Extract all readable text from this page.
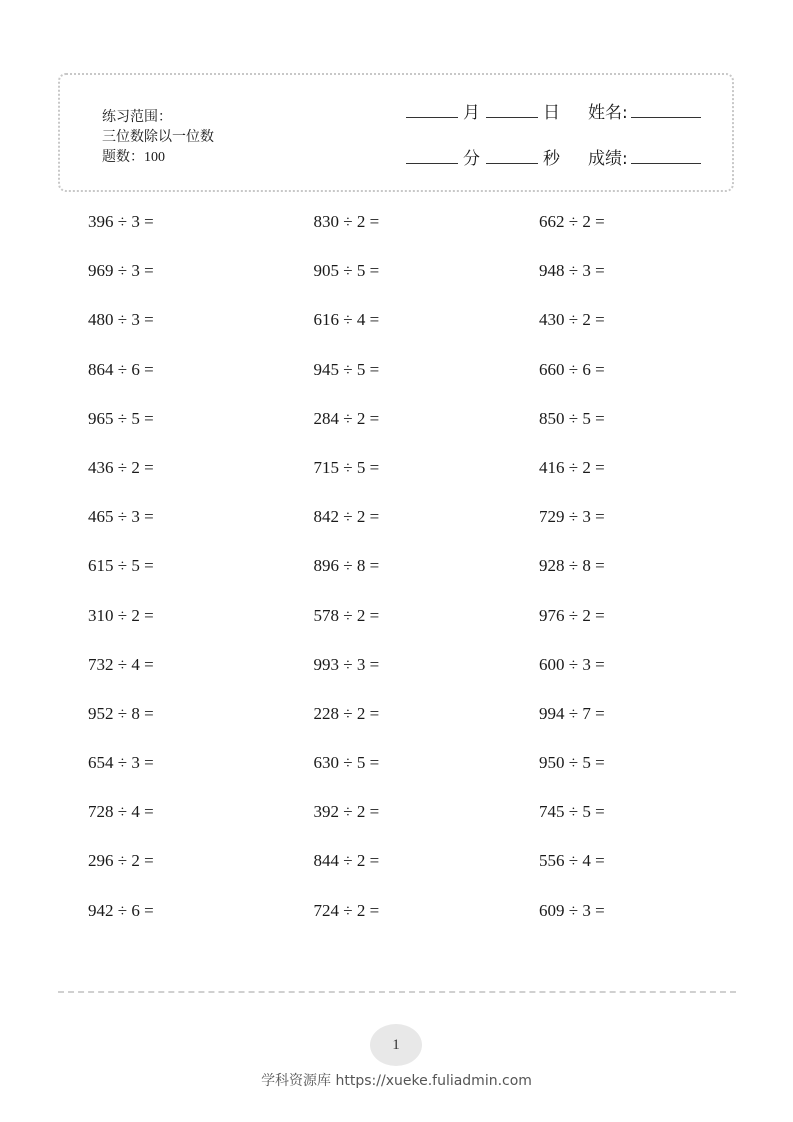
练习范围：
三位数除以一位数
题数：100
月	日 姓名:
分	秒 成绩:
396 ÷ 3 =	830 ÷ 2 =	662 ÷ 2 =
969 ÷ 3 =	905 ÷ 5 =	948 ÷ 3 =
480 ÷ 3 =	616 ÷ 4 =	430 ÷ 2 =
864 ÷ 6 =	945 ÷ 5 =	660 ÷ 6 =
965 ÷ 5 =	284 ÷ 2 =	850 ÷ 5 =
436 ÷ 2 =	715 ÷ 5 =	416 ÷ 2 =
465 ÷ 3 =	842 ÷ 2 =	729 ÷ 3 =
615 ÷ 5 =	896 ÷ 8 =	928 ÷ 8 =
310 ÷ 2 =	578 ÷ 2 =	976 ÷ 2 =
732 ÷ 4 =	993 ÷ 3 =	600 ÷ 3 =
952 ÷ 8 =	228 ÷ 2 =	994 ÷ 7 =
654 ÷ 3 =	630 ÷ 5 =	950 ÷ 5 =
728 ÷ 4 =	392 ÷ 2 =	745 ÷ 5 =
296 ÷ 2 =	844 ÷ 2 =	556 ÷ 4 =
942 ÷ 6 =	724 ÷ 2 =	609 ÷ 3 =
1
学科资源库 https://xueke.fuliadmin.com
